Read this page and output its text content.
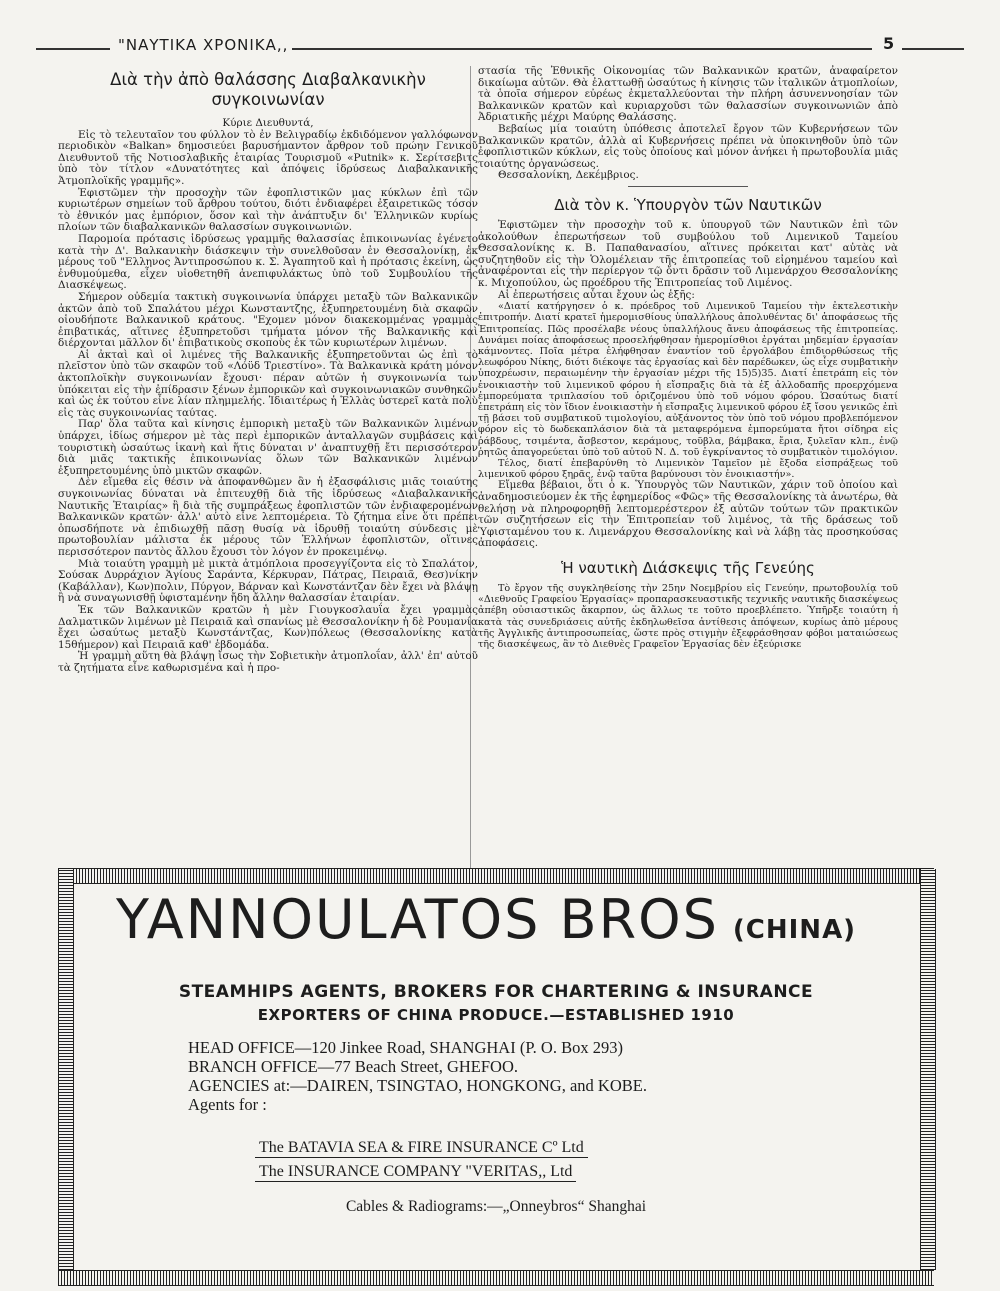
"ΝΑΥΤΙΚΑ ΧΡΟΝΙΚΑ,,	5
Διὰ τὴν ἀπὸ θαλάσσης Διαβαλκανικὴν
συγκοινωνίαν

Κύριε Διευθυντά,

Εἰς τὸ τελευταῖον του φύλλον τὸ ἐν Βελιγραδίῳ ἐκδιδόμενον γαλλόφωνον περιοδικὸν «Balkan» δημοσιεύει βαρυσήμαντον ἄρθρον τοῦ πρώην Γενικοῦ Διευθυντοῦ τῆς Νοτιοσλαβικῆς ἑταιρίας Τουρισμοῦ «Putnik» κ. Σερίτσεβιτς ὑπὸ τὸν τίτλον «Δυνατότητες καὶ ἀπόψεις ἱδρύσεως Διαβαλκανικῆς Ἀτμοπλοϊκῆς γραμμῆς».

Ἐφιστῶμεν τὴν προσοχὴν τῶν ἐφοπλιστικῶν μας κύκλων ἐπὶ τῶν κυριωτέρων σημείων τοῦ ἄρθρου τούτου, διότι ἐνδιαφέρει ἐξαιρετικῶς τόσον τὸ ἐθνικόν μας ἐμπόριον, ὅσον καὶ τὴν ἀνάπτυξιν δι' Ἑλληνικῶν κυρίως πλοίων τῶν διαβαλκανικῶν θαλασσίων συγκοινωνιῶν.

Παρομοία πρότασις ἱδρύσεως γραμμῆς θαλασσίας ἐπικοινωνίας ἐγένετο κατὰ τὴν Δ'. Βαλκανικὴν διάσκεψιν τὴν συνελθοῦσαν ἐν Θεσσαλονίκῃ, ἐκ μέρους τοῦ "Ελληνος Ἀντιπροσώπου κ. Σ. Ἀγαπητοῦ καὶ ἡ πρότασις ἐκείνη, ὡς ἐνθυμούμεθα, εἶχεν υἱοθετηθῆ ἀνεπιφυλάκτως ὑπὸ τοῦ Συμβουλίου τῆς Διασκέψεως.

Σήμερον οὐδεμία τακτικὴ συγκοινωνία ὑπάρχει μεταξὺ τῶν Βαλκανικῶν ἀκτῶν ἀπὸ τοῦ Σπαλάτου μέχρι Κωνσταντζης, ἐξυπηρετουμένη διὰ σκαφῶν οἱουδήποτε Βαλκανικοῦ κράτους. "Εχομεν μόνον διακεκομμένας γραμμὰς ἐπιβατικάς, αἵτινες ἐξυπηρετοῦσι τμήματα μόνον τῆς Βαλκανικῆς καὶ διέρχονται μᾶλλον δι' ἐπιβατικοὺς σκοποὺς ἐκ τῶν κυριωτέρων λιμένων.

Αἱ ἀκταὶ καὶ οἱ λιμένες τῆς Βαλκανικῆς ἐξυπηρετοῦνται ὡς ἐπὶ τὸ πλεῖστον ὑπὸ τῶν σκαφῶν τοῦ «Λόϋδ Τριεστίνο». Τὰ Βαλκανικὰ κράτη μόνον ἀκτοπλοϊκὴν συγκοινωνίαν ἔχουσι· πέραν αὐτῶν ἡ συγκοινωνία των ὑπόκειται εἰς τὴν ἐπίδρασιν ξένων ἐμπορικῶν καὶ συγκοινωνιακῶν συνθηκῶν καὶ ὡς ἐκ τούτου εἶνε λίαν πλημμελής. Ἰδιαιτέρως ἡ Ἑλλὰς ὑστερεῖ κατὰ πολὺ εἰς τὰς συγκοινωνίας ταύτας.

Παρ' ὅλα ταῦτα καὶ κίνησις ἐμπορικὴ μεταξὺ τῶν Βαλκανικῶν λιμένων ὑπάρχει, ἰδίως σήμερον μὲ τὰς περὶ ἐμπορικῶν ἀνταλλαγῶν συμβάσεις καὶ τουριστικὴ ὡσαύτως ἱκανὴ καὶ ἥτις δύναται ν' ἀναπτυχθῇ ἔτι περισσότερον διὰ μιᾶς τακτικῆς ἐπικοινωνίας ὅλων τῶν Βαλκανικῶν λιμένων ἐξυπηρετουμένης ὑπὸ μικτῶν σκαφῶν.

Δὲν εἴμεθα εἰς θέσιν νὰ ἀποφανθῶμεν ἂν ἡ ἐξασφάλισις μιᾶς τοιαύτης συγκοινωνίας δύναται νὰ ἐπιτευχθῇ διὰ τῆς ἱδρύσεως «Διαβαλκανικῆς Ναυτικῆς Ἑταιρίας» ἢ διὰ τῆς συμπράξεως ἐφοπλιστῶν τῶν ἐνδιαφερομένων Βαλκανικῶν κρατῶν· ἀλλ' αὐτὸ εἶνε λεπτομέρεια. Τὸ ζήτημα εἶνε ὅτι πρέπει ὁπωσδήποτε νὰ ἐπιδιωχθῇ πᾶσῃ θυσίᾳ νὰ ἱδρυθῇ τοιαύτη σύνδεσις μὲ πρωτοβουλίαν μάλιστα ἐκ μέρους τῶν Ἑλλήνων ἐφοπλιστῶν, οἵτινες περισσότερον παντὸς ἄλλου ἔχουσι τὸν λόγον ἐν προκειμένῳ.

Μιὰ τοιαύτη γραμμὴ μὲ μικτὰ ἀτμόπλοια προσεγγίζοντα εἰς τὸ Σπαλάτον, Σούσακ Δυρράχιον Ἁγίους Σαράντα, Κέρκυραν, Πάτρας, Πειραιᾶ, Θεσ)νίκην (Καβάλλαν), Κων)πολιν, Πύργον, Βάρναν καὶ Κωνστάντζαν δὲν ἔχει νὰ βλάψῃ ἢ νὰ συναγωνισθῇ ὑφισταμένην ἤδη ἄλλην θαλασσίαν ἑταιρίαν.

Ἐκ τῶν Βαλκανικῶν κρατῶν ἡ μὲν Γιουγκοσλαυΐα ἔχει γραμμὰς Δαλματικῶν λιμένων μὲ Πειραιᾶ καὶ σπανίως μὲ Θεσσαλονίκην ἡ δὲ Ρουμανία ἔχει ὡσαύτως μεταξὺ Κωνστάντζας, Κων)πόλεως (Θεσσαλονίκης κατὰ 15θήμερον) καὶ Πειραιᾶ καθ' ἑβδομάδα.

Ἡ γραμμὴ αὕτη θὰ βλάψῃ ἴσως τὴν Σοβιετικὴν ἀτμοπλοΐαν, ἀλλ' ἐπ' αὐτοῦ τὰ ζητήματα εἶνε καθωρισμένα καὶ ἡ προ-

στασία τῆς Ἐθνικῆς Οἰκονομίας τῶν Βαλκανικῶν κρατῶν, ἀναφαίρετον δικαίωμα αὐτῶν. Θὰ ἐλαττωθῇ ὡσαύτως ἡ κίνησις τῶν ἰταλικῶν ἀτμοπλοίων, τὰ ὁποῖα σήμερον εὐρέως ἐκμεταλλεύονται τὴν πλήρη ἀσυνεννοησίαν τῶν Βαλκανικῶν κρατῶν καὶ κυριαρχοῦσι τῶν θαλασσίων συγκοινωνιῶν ἀπὸ Ἀδριατικῆς μέχρι Μαύρης Θαλάσσης.

Βεβαίως μία τοιαύτη ὑπόθεσις ἀποτελεῖ ἔργον τῶν Κυβερνήσεων τῶν Βαλκανικῶν κρατῶν, ἀλλὰ αἱ Κυβερνήσεις πρέπει νὰ ὑποκινηθοῦν ὑπὸ τῶν ἐφοπλιστικῶν κύκλων, εἰς τοὺς ὁποίους καὶ μόνον ἀνήκει ἡ πρωτοβουλία μιᾶς τοιαύτης ὀργανώσεως.

Θεσσαλονίκη, Δεκέμβριος.

Διὰ τὸν κ. Ὑπουργὸν τῶν Ναυτικῶν

Ἐφιστῶμεν τὴν προσοχὴν τοῦ κ. ὑπουργοῦ τῶν Ναυτικῶν ἐπὶ τῶν ἀκολούθων ἐπερωτήσεων τοῦ συμβούλου τοῦ Λιμενικοῦ Ταμείου Θεσσαλονίκης κ. Β. Παπαθανασίου, αἵτινες πρόκειται κατ' αὐτὰς νὰ συζητηθοῦν εἰς τὴν Ὁλομέλειαν τῆς ἐπιτροπείας τοῦ εἰρημένου ταμείου καὶ ἀναφέρονται εἰς τὴν περίεργον τῷ ὄντι δρᾶσιν τοῦ Λιμενάρχου Θεσσαλονίκης κ. Μιχοπούλου, ὡς προέδρου τῆς Ἐπιτροπείας τοῦ Λιμένος.

Αἱ ἐπερωτήσεις αὗται ἔχουν ὡς ἑξῆς:

«Διατί κατήργησεν ὁ κ. πρόεδρος τοῦ Λιμενικοῦ Ταμείου τὴν ἐκτελεστικὴν ἐπιτροπήν. Διατί κρατεῖ ἡμερομισθίους ὑπαλλήλους ἀπολυθέντας δι' ἀποφάσεως τῆς Ἐπιτροπείας. Πῶς προσέλαβε νέους ὑπαλλήλους ἄνευ ἀποφάσεως τῆς ἐπιτροπείας. Δυνάμει ποίας ἀποφάσεως προσελήφθησαν ἡμερομίσθιοι ἐργάται μηδεμίαν ἐργασίαν κάμνοντες. Ποῖα μέτρα ἐλήφθησαν ἐναντίον τοῦ ἐργολάβου ἐπιδιορθώσεως τῆς λεωφόρου Νίκης, διότι διέκοψε τὰς ἐργασίας καὶ δὲν παρέδωκεν, ὡς εἶχε συμβατικὴν ὑποχρέωσιν, περαιωμένην τὴν ἐργασίαν μέχρι τῆς 15)5)35. Διατί ἐπετράπη εἰς τὸν ἐνοικιαστὴν τοῦ λιμενικοῦ φόρου ἡ εἴσπραξις διὰ τὰ ἐξ ἀλλοδαπῆς προερχόμενα ἐμπορεύματα τριπλασίου τοῦ ὁριζομένου ὑπὸ τοῦ νόμου φόρου. Ὡσαύτως διατί ἐπετράπη εἰς τὸν ἴδιον ἐνοικιαστὴν ἡ εἴσπραξις λιμενικοῦ φόρου ἐξ ἴσου γενικῶς ἐπὶ τῇ βάσει τοῦ συμβατικοῦ τιμολογίου, αὐξάνοντος τὸν ὑπὸ τοῦ νόμου προβλεπόμενον φόρον εἰς τὸ δωδεκαπλάσιον διὰ τὰ μεταφερόμενα ἐμπορεύματα ἤτοι σίδηρα εἰς ῥάβδους, τσιμέντα, ἄσβεστον, κεράμους, τοῦβλα, βάμβακα, ἔρια, ξυλεῖαν κλπ., ἐνῷ ῥητῶς ἀπαγορεύεται ὑπὸ τοῦ αὐτοῦ Ν. Δ. τοῦ ἐγκρίναντος τὸ συμβατικὸν τιμολόγιον.

Τέλος, διατί ἐπεβαρύνθη τὸ Λιμενικὸν Ταμεῖον μὲ ἔξοδα εἰσπράξεως τοῦ λιμενικοῦ φόρου ξηρᾶς, ἐνῷ ταῦτα βαρύνουσι τὸν ἐνοικιαστήν».

Εἴμεθα βέβαιοι, ὅτι ὁ κ. Ὑπουργὸς τῶν Ναυτικῶν, χάριν τοῦ ὁποίου καὶ ἀναδημοσιεύομεν ἐκ τῆς ἐφημερίδος «Φῶς» τῆς Θεσσαλονίκης τὰ ἀνωτέρω, θὰ θελήσῃ νὰ πληροφορηθῇ λεπτομερέστερον ἐξ αὐτῶν τούτων τῶν πρακτικῶν τῶν συζητήσεων εἰς τὴν Ἐπιτροπείαν τοῦ λιμένος, τὰ τῆς δράσεως τοῦ Ὑφισταμένου του κ. Λιμενάρχου Θεσσαλονίκης καὶ νὰ λάβῃ τὰς προσηκούσας ἀποφάσεις.

Ἡ ναυτικὴ Διάσκεψις τῆς Γενεύης

Τὸ ἔργον τῆς συγκληθείσης τὴν 25ην Νοεμβρίου εἰς Γενεύην, πρωτοβουλίᾳ τοῦ «Διεθνοῦς Γραφείου Ἐργασίας» προπαρασκευαστικῆς τεχνικῆς ναυτικῆς διασκέψεως ἀπέβη οὐσιαστικῶς ἄκαρπον, ὡς ἄλλως τε τοῦτο προεβλέπετο. Ὑπῆρξε τοιαύτη ἡ κατὰ τὰς συνεδριάσεις αὐτῆς ἐκδηλωθεῖσα ἀντίθεσις ἀπόψεων, κυρίως ἀπὸ μέρους τῆς Ἀγγλικῆς ἀντιπροσωπείας, ὥστε πρὸς στιγμὴν ἐξεφράσθησαν φόβοι ματαιώσεως τῆς διασκέψεως, ἂν τὸ Διεθνὲς Γραφεῖον Ἐργασίας δὲν ἐξεύρισκε

YANNOULATOS BROS (CHINA)
STEAMHIPS AGENTS, BROKERS FOR CHARTERING & INSURANCE
EXPORTERS OF CHINA PRODUCE.—ESTABLISHED 1910
HEAD OFFICE—120 Jinkee Road, SHANGHAI (P. O. Box 293)
BRANCH OFFICE—77 Beach Street, GHEFOO.
AGENCIES at:—DAIREN, TSINGTAO, HONGKONG, and KOBE.
Agents for :
The BATAVIA SEA & FIRE INSURANCE Cº Ltd
The INSURANCE COMPANY "VERITAS,, Ltd
Cables & Radiograms:—„Onneybros“ Shanghai
